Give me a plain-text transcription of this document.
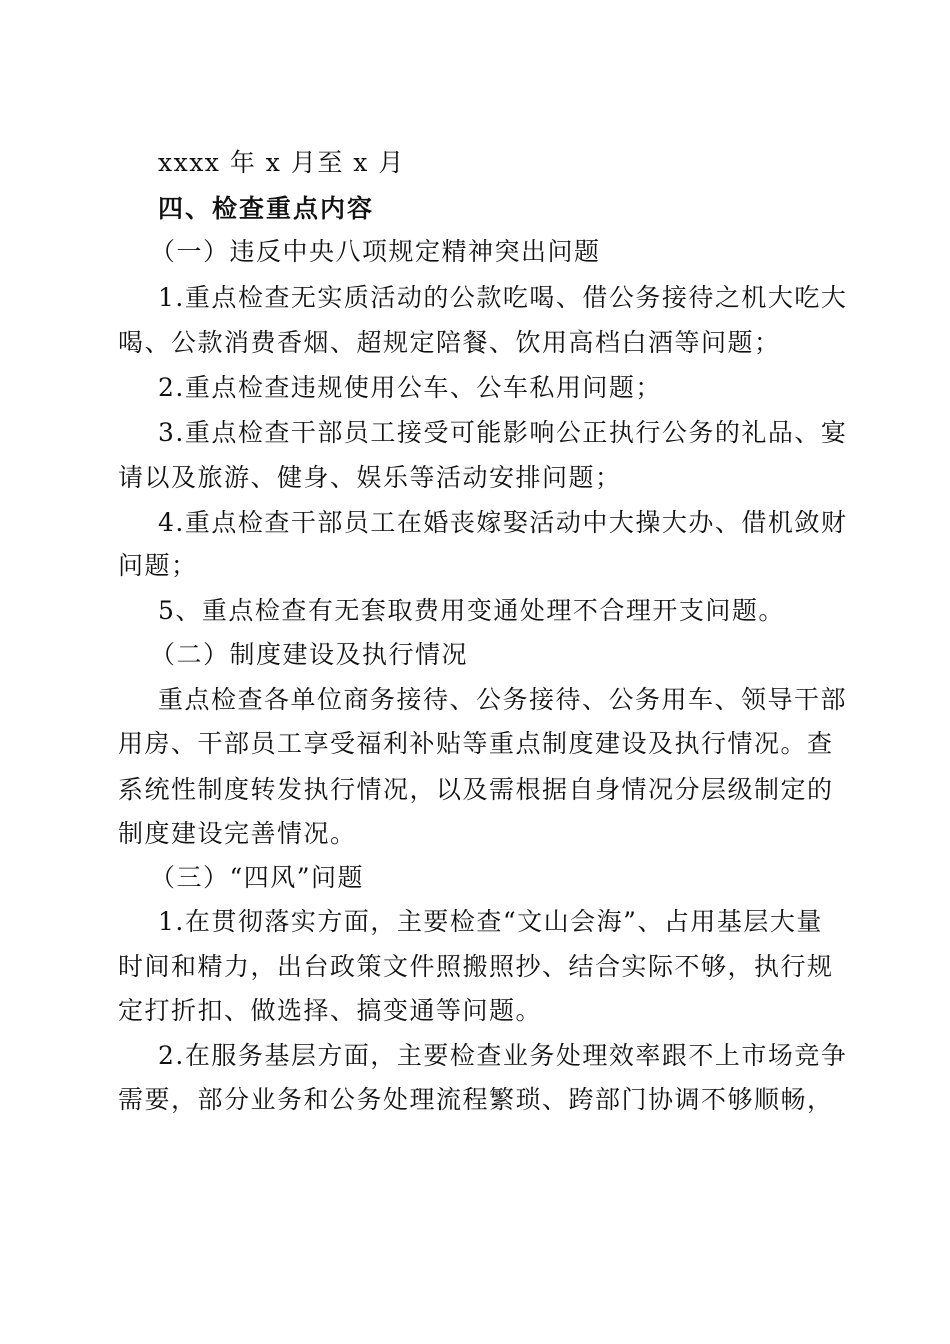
xxxx 年 x 月至 x 月
四、检查重点内容
（一）违反中央八项规定精神突出问题
1.重点检查无实质活动的公款吃喝、借公务接待之机大吃大
喝、公款消费香烟、超规定陪餐、饮用高档白酒等问题；
2.重点检查违规使用公车、公车私用问题；
3.重点检查干部员工接受可能影响公正执行公务的礼品、宴
请以及旅游、健身、娱乐等活动安排问题；
4.重点检查干部员工在婚丧嫁娶活动中大操大办、借机敛财
问题；
5、重点检查有无套取费用变通处理不合理开支问题。
（二）制度建设及执行情况
重点检查各单位商务接待、公务接待、公务用车、领导干部
用房、干部员工享受福利补贴等重点制度建设及执行情况。查
系统性制度转发执行情况，以及需根据自身情况分层级制定的
制度建设完善情况。
（三）“四风”问题
1.在贯彻落实方面，主要检查“文山会海”、占用基层大量
时间和精力，出台政策文件照搬照抄、结合实际不够，执行规
定打折扣、做选择、搞变通等问题。
2.在服务基层方面，主要检查业务处理效率跟不上市场竞争
需要，部分业务和公务处理流程繁琐、跨部门协调不够顺畅，
